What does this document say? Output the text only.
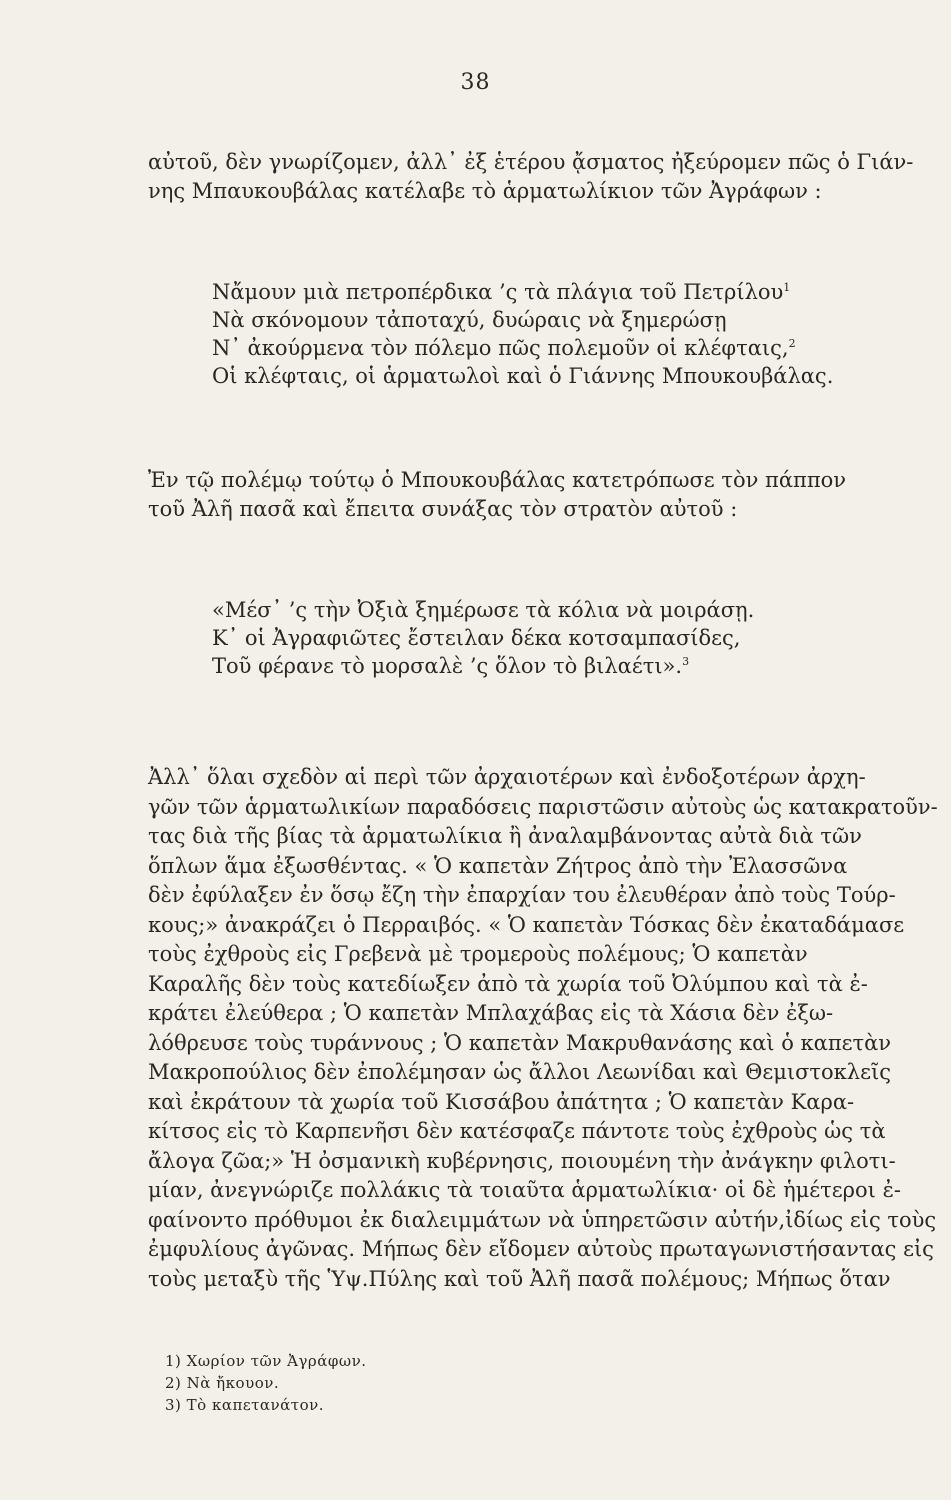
38
αὐτοῦ, δὲν γνωρίζομεν, ἀλλ᾽ ἐξ ἑτέρου ᾄσματος ἠξεύρομεν πῶς ὁ Γιάν-
νης Μπαυκουβάλας κατέλαβε τὸ ἁρματωλίκιον τῶν Ἀγράφων :
Νἄμουν μιὰ πετροπέρδικα ’ς τὰ πλάγια τοῦ Πετρίλου$^1$
Νὰ σκόνομουν τἀποταχύ, δυώραις νὰ ξημερώσῃ
Ν᾽ ἀκούρμενα τὸν πόλεμο πῶς πολεμοῦν οἱ κλέφταις,$^2$
Οἱ κλέφταις, οἱ ἁρματωλοὶ καὶ ὁ Γιάννης Μπουκουβάλας.
Ἐν τῷ πολέμῳ τούτῳ ὁ Μπουκουβάλας κατετρόπωσε τὸν πάππον
τοῦ Ἀλῆ πασᾶ καὶ ἔπειτα συνάξας τὸν στρατὸν αὐτοῦ :
«Μέσ᾽ ’ς τὴν Ὀξιὰ ξημέρωσε τὰ κόλια νὰ μοιράσῃ.
Κ᾽ οἱ Ἀγραφιῶτες ἔστειλαν δέκα κοτσαμπασίδες,
Τοῦ φέρανε τὸ μορσαλὲ ’ς ὅλον τὸ βιλαέτι».$^3$
Ἀλλ᾽ ὅλαι σχεδὸν αἱ περὶ τῶν ἀρχαιοτέρων καὶ ἐνδοξοτέρων ἀρχη-
γῶν τῶν ἁρματωλικίων παραδόσεις παριστῶσιν αὐτοὺς ὡς κατακρατοῦν-
τας διὰ τῆς βίας τὰ ἁρματωλίκια ἢ ἀναλαμβάνοντας αὐτὰ διὰ τῶν
ὅπλων ἅμα ἐξωσθέντας. « Ὁ καπετὰν Ζήτρος ἀπὸ τὴν Ἐλασσῶνα
δὲν ἐφύλαξεν ἐν ὅσῳ ἔζη τὴν ἐπαρχίαν του ἐλευθέραν ἀπὸ τοὺς Τούρ-
κους;» ἀνακράζει ὁ Περραιβός. « Ὁ καπετὰν Τόσκας δὲν ἐκαταδάμασε
τοὺς ἐχθροὺς εἰς Γρεβενὰ μὲ τρομεροὺς πολέμους; Ὁ καπετὰν
Καραλῆς δὲν τοὺς κατεδίωξεν ἀπὸ τὰ χωρία τοῦ Ὀλύμπου καὶ τὰ ἐ-
κράτει ἐλεύθερα ; Ὁ καπετὰν Μπλαχάβας εἰς τὰ Χάσια δὲν ἐξω-
λόθρευσε τοὺς τυράννους ; Ὁ καπετὰν Μακρυθανάσης καὶ ὁ καπετὰν
Μακροπούλιος δὲν ἐπολέμησαν ὡς ἄλλοι Λεωνίδαι καὶ Θεμιστοκλεῖς
καὶ ἐκράτουν τὰ χωρία τοῦ Κισσάβου ἀπάτητα ; Ὁ καπετὰν Καρα-
κίτσος εἰς τὸ Καρπενῆσι δὲν κατέσφαζε πάντοτε τοὺς ἐχθροὺς ὡς τὰ
ἄλογα ζῶα;» Ἡ ὀσμανικὴ κυβέρνησις, ποιουμένη τὴν ἀνάγκην φιλοτι-
μίαν, ἀνεγνώριζε πολλάκις τὰ τοιαῦτα ἁρματωλίκια· οἱ δὲ ἡμέτεροι ἐ-
φαίνοντο πρόθυμοι ἐκ διαλειμμάτων νὰ ὑπηρετῶσιν αὐτήν,ἰδίως εἰς τοὺς
ἐμφυλίους ἀγῶνας. Μήπως δὲν εἴδομεν αὐτοὺς πρωταγωνιστήσαντας εἰς
τοὺς μεταξὺ τῆς Ὑψ.Πύλης καὶ τοῦ Ἀλῆ πασᾶ πολέμους; Μήπως ὅταν
1) Χωρίον τῶν Ἀγράφων.
2) Νὰ ἤκουον.
3) Τὸ καπετανάτον.
